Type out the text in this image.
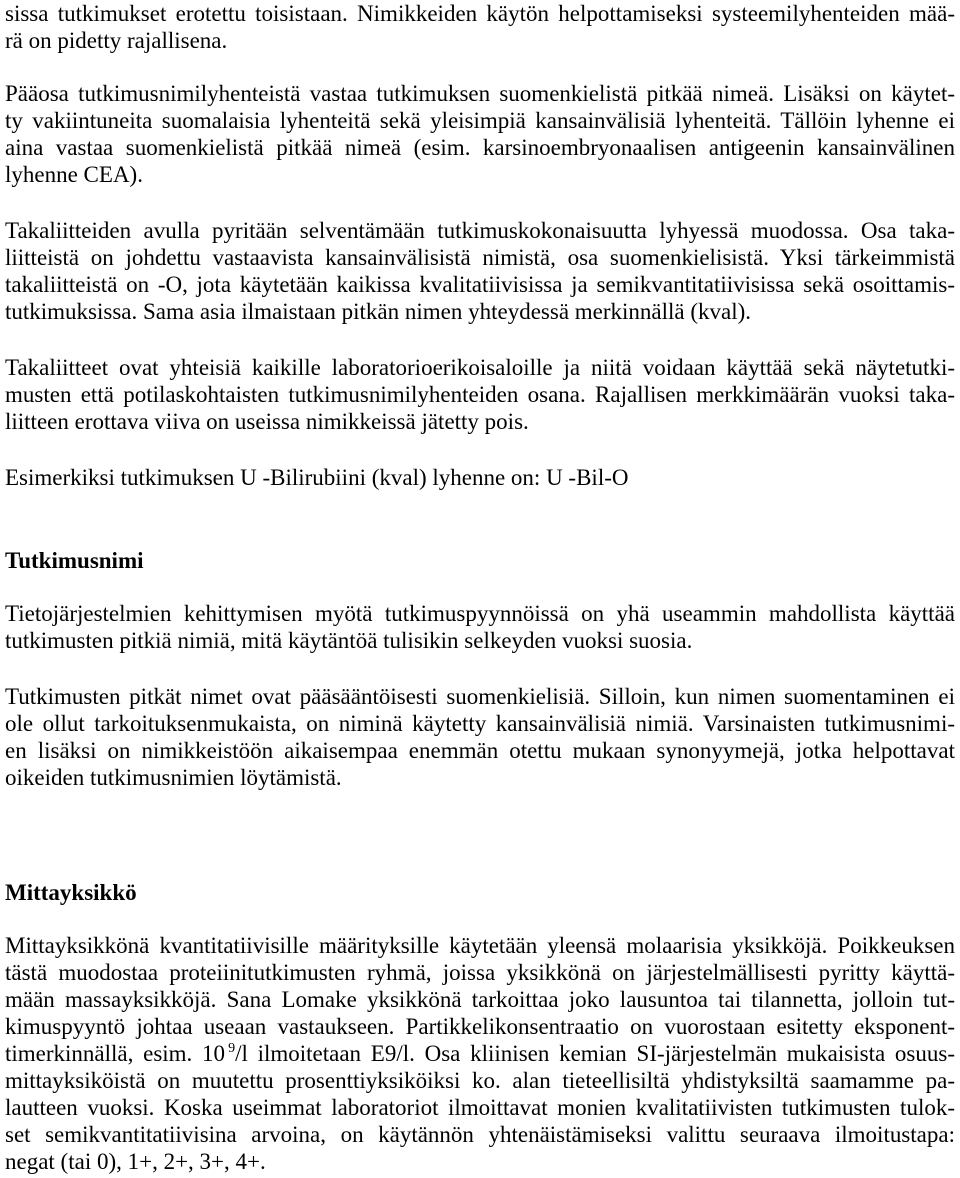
sissa tutkimukset erotettu toisistaan. Nimikkeiden käytön helpottamiseksi systeemilyhenteiden mää-
rä on pidetty rajallisena.
Pääosa tutkimusnimilyhenteistä vastaa tutkimuksen suomenkielistä pitkää nimeä. Lisäksi on käytet-
ty vakiintuneita suomalaisia lyhenteitä sekä yleisimpiä kansainvälisiä lyhenteitä. Tällöin lyhenne ei
aina vastaa suomenkielistä pitkää nimeä (esim. karsinoembryonaalisen antigeenin kansainvälinen
lyhenne CEA).
Takaliitteiden avulla pyritään selventämään tutkimuskokonaisuutta lyhyessä muodossa. Osa taka-
liitteistä on johdettu vastaavista kansainvälisistä nimistä, osa suomenkielisistä. Yksi tärkeimmistä
takaliitteistä on -O, jota käytetään kaikissa kvalitatiivisissa ja semikvantitatiivisissa sekä osoittamis-
tutkimuksissa. Sama asia ilmaistaan pitkän nimen yhteydessä merkinnällä (kval).
Takaliitteet ovat yhteisiä kaikille laboratorioerikoisaloille ja niitä voidaan käyttää sekä näytetutki-
musten että potilaskohtaisten tutkimusnimilyhenteiden osana. Rajallisen merkkimäärän vuoksi taka-
liitteen erottava viiva on useissa nimikkeissä jätetty pois.
Esimerkiksi tutkimuksen U -Bilirubiini (kval) lyhenne on: U -Bil-O
Tutkimusnimi
Tietojärjestelmien kehittymisen myötä tutkimuspyynnöissä on yhä useammin mahdollista käyttää
tutkimusten pitkiä nimiä, mitä käytäntöä tulisikin selkeyden vuoksi suosia.
Tutkimusten pitkät nimet ovat pääsääntöisesti suomenkielisiä. Silloin, kun nimen suomentaminen ei
ole ollut tarkoituksenmukaista, on niminä käytetty kansainvälisiä nimiä. Varsinaisten tutkimusnimi-
en lisäksi on nimikkeistöön aikaisempaa enemmän otettu mukaan synonyymejä, jotka helpottavat
oikeiden tutkimusnimien löytämistä.
Mittayksikkö
Mittayksikkönä kvantitatiivisille määrityksille käytetään yleensä molaarisia yksikköjä. Poikkeuksen
tästä muodostaa proteiinitutkimusten ryhmä, joissa yksikkönä on järjestelmällisesti pyritty käyttä-
mään massayksikköjä. Sana Lomake yksikkönä tarkoittaa joko lausuntoa tai tilannetta, jolloin tut-
kimuspyyntö johtaa useaan vastaukseen. Partikkelikonsentraatio on vuorostaan esitetty eksponent-
timerkinnällä, esim. 10 $^9$/l ilmoitetaan E9/l. Osa kliinisen kemian SI-järjestelmän mukaisista osuus-
mittayksiköistä on muutettu prosenttiyksiköiksi ko. alan tieteellisiltä yhdistyksiltä saamamme pa-
lautteen vuoksi. Koska useimmat laboratoriot ilmoittavat monien kvalitatiivisten tutkimusten tulok-
set semikvantitatiivisina arvoina, on käytännön yhtenäistämiseksi valittu seuraava ilmoitustapa:
negat (tai 0), 1+, 2+, 3+, 4+.
